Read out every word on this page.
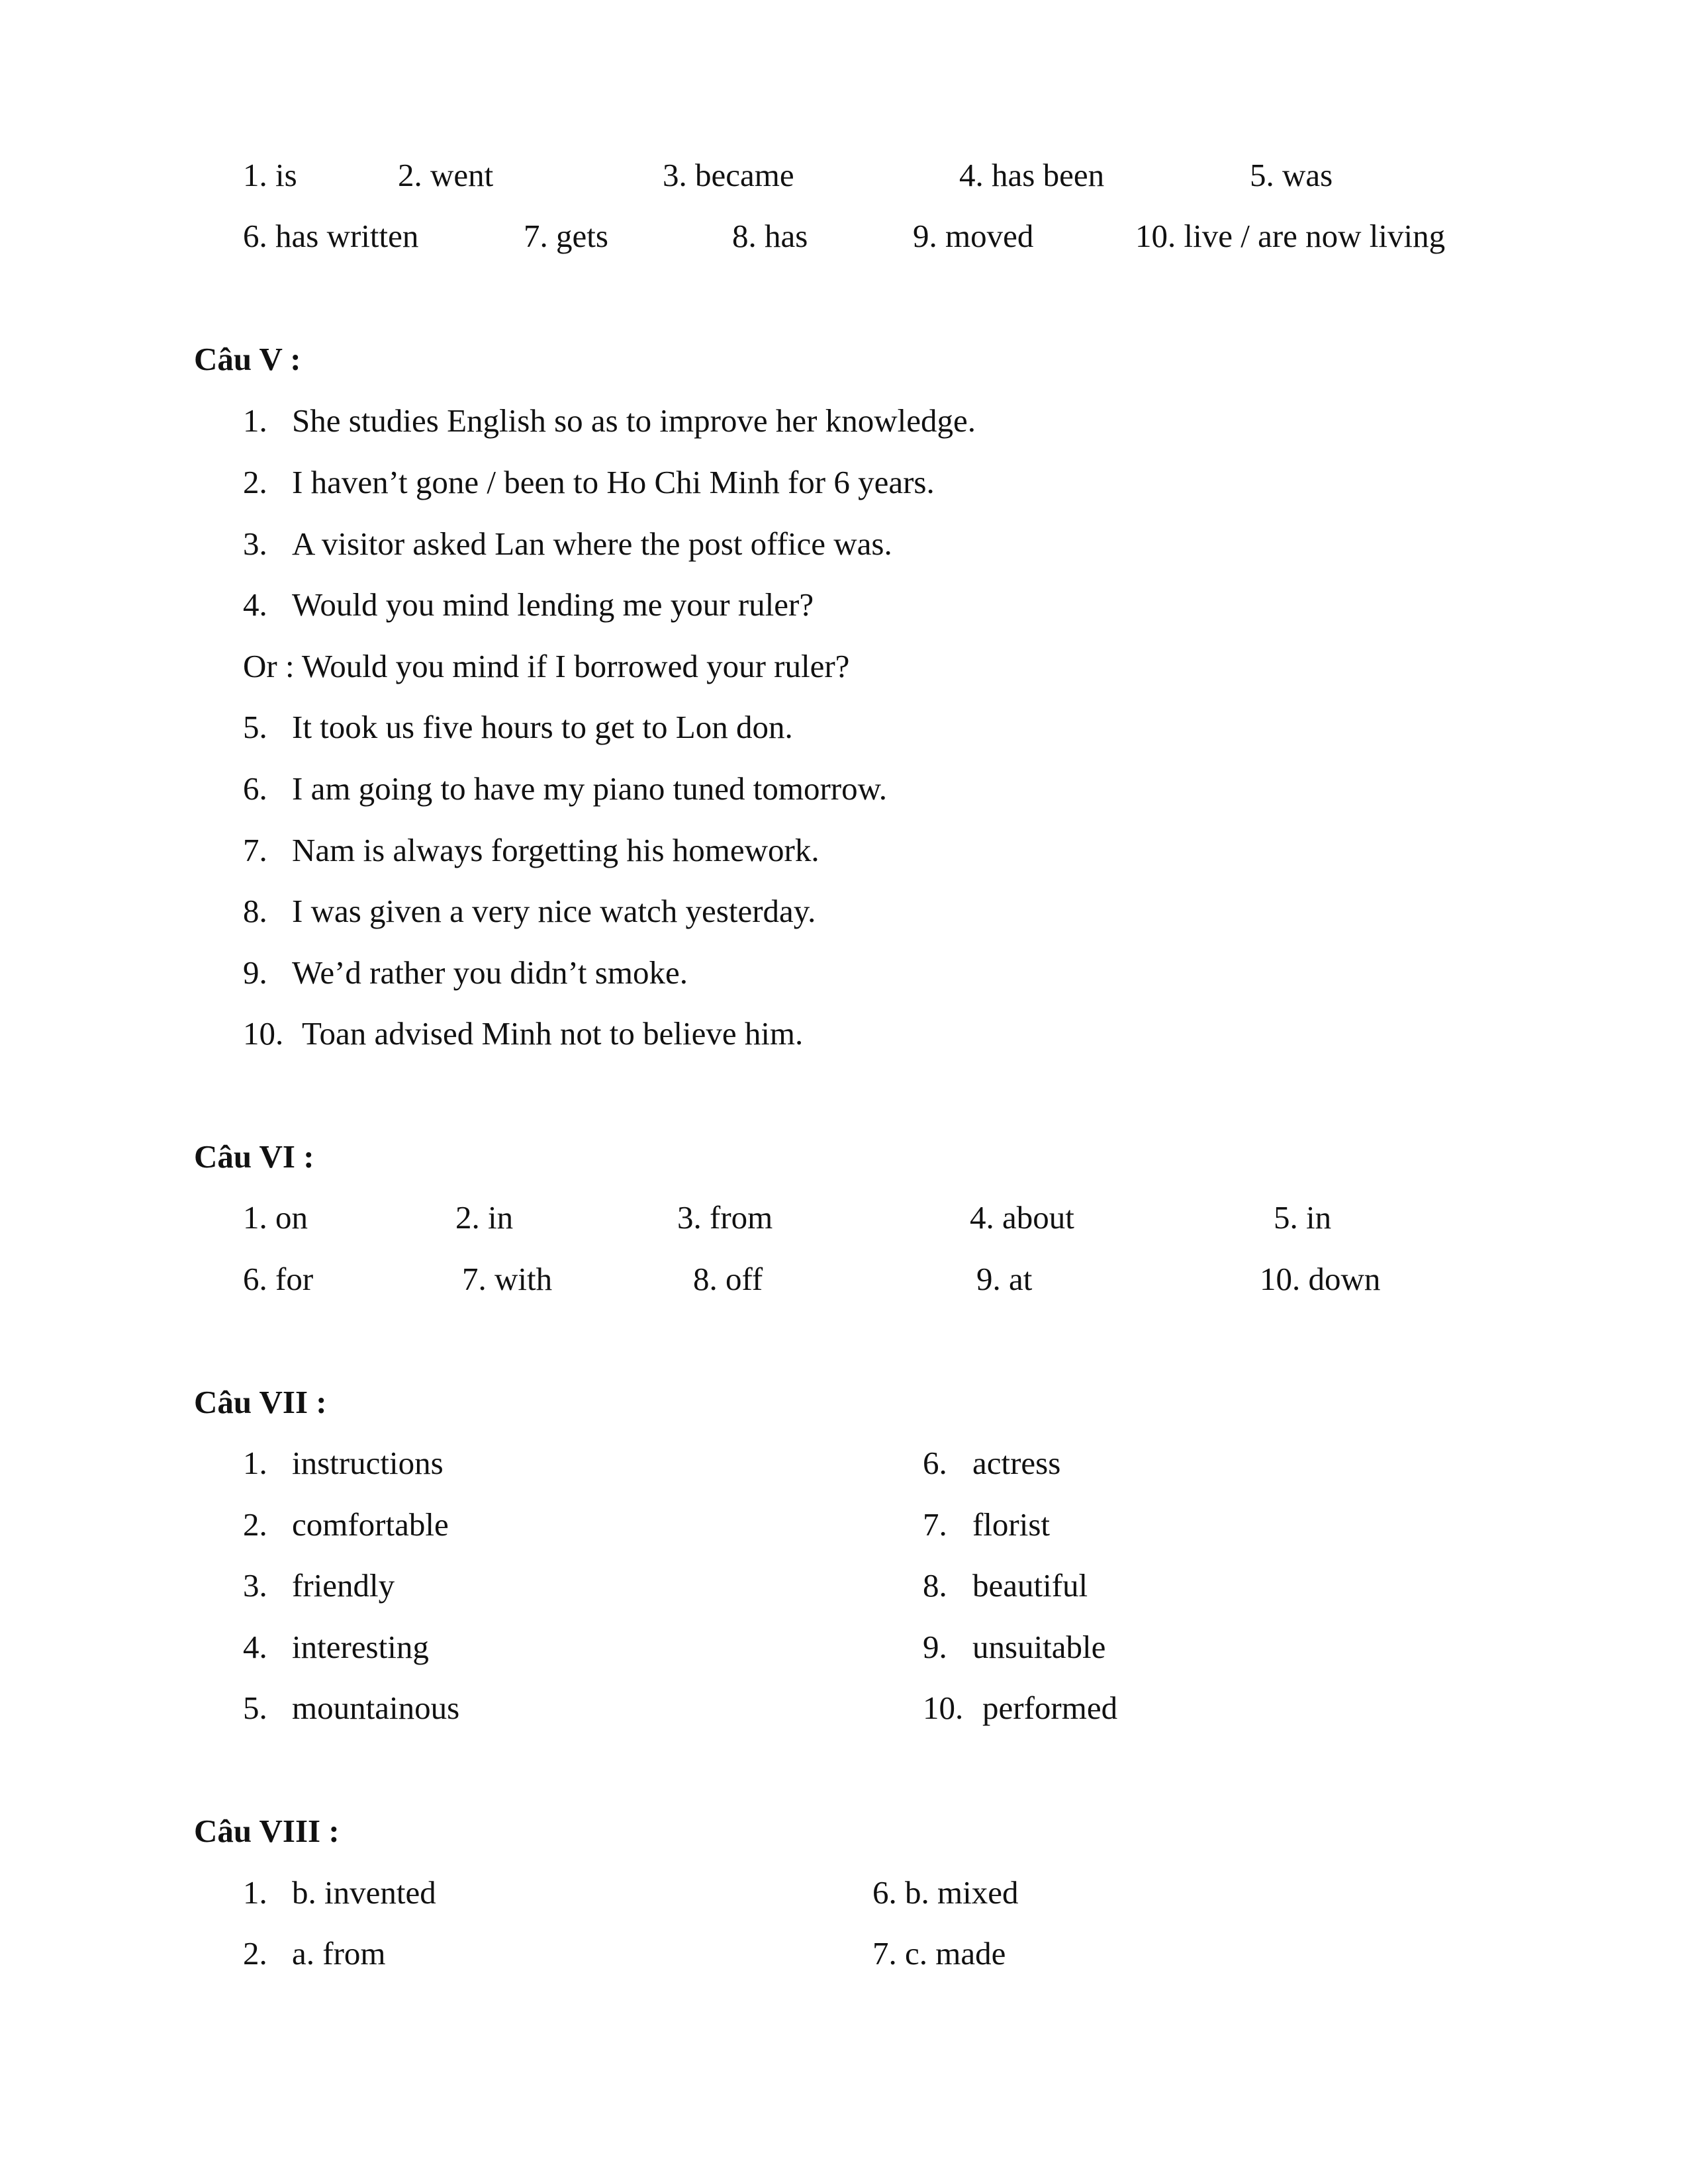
1. is	2. went	3. became	4. has been	5. was
6. has written	7. gets	8. has	9. moved	10. live / are now living
Câu V :
1. She studies English so as to improve her knowledge.
2. I haven’t gone / been to Ho Chi Minh for 6 years.
3. A visitor asked Lan where the post office was.
4. Would you mind lending me your ruler?
Or : Would you mind if I borrowed your ruler?
5. It took us five hours to get to Lon don.
6. I am going to have my piano tuned tomorrow.
7. Nam is always forgetting his homework.
8. I was given a very nice watch yesterday.
9. We’d rather you didn’t smoke.
10. Toan advised Minh not to believe him.
Câu VI :
1. on	2. in	3. from	4. about	5. in
6. for	7. with	8. off	9. at	10. down
Câu VII :
1. instructions	6. actress
2. comfortable	7. florist
3. friendly	8. beautiful
4. interesting	9. unsuitable
5. mountainous	10. performed
Câu VIII :
1. b. invented	6. b. mixed
2. a. from	7. c. made
